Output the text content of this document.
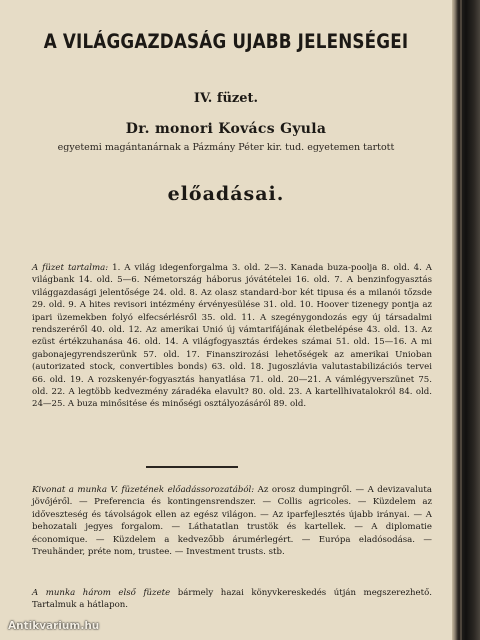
A VILÁGGAZDASÁG UJABB JELENSÉGEI
IV. füzet.
Dr. monori Kovács Gyula
egyetemi magántanárnak a Pázmány Péter kir. tud. egyetemen tartott
előadásai.
A füzet tartalma: 1. A világ idegenforgalma 3. old. 2—3. Kanada buza-poolja 8. old. 4. A világbank 14. old. 5—6. Németország háborus jóvátételei 16. old. 7. A benzinfogyasztás világgazdasági jelentősége 24. old. 8. Az olasz standard-bor két tipusa és a milanói tőzsde 29. old. 9. A hites revisori intézmény érvényesülése 31. old. 10. Hoover tizenegy pontja az ipari üzemekben folyó elfecsérlésről 35. old. 11. A szegénygondozás egy új társadalmi rendszeréről 40. old. 12. Az amerikai Unió új vámtarifájának életbelépése 43. old. 13. Az ezüst értékzuhanása 46. old. 14. A világfogyasztás érdekes számai 51. old. 15—16. A mi gabonajegyrendszerünk 57. old. 17. Finanszirozási lehetőségek az amerikai Unioban (autorizated stock, convertibles bonds) 63. old. 18. Jugoszlávia valutastabilizációs tervei 66. old. 19. A rozskenyér-fogyasztás hanyatlása 71. old. 20—21. A vámlégyverszünet 75. old. 22. A legtöbb kedvezmény záradéka elavult? 80. old. 23. A kartellhivatalokról 84. old. 24—25. A buza minősitése és minőségi osztályozásáról 89. old.
Kivonat a munka V. füzetének előadássorozatából: Az orosz dumpingről. — A devizavaluta jövőjéről. — Preferencia és kontingensrendszer. — Collis agricoles. — Küzdelem az időveszteség és távolságok ellen az egész világon. — Az iparfejlesztés újabb irányai. — A behozatali jegyes forgalom. — Láthatatlan trustök és kartellek. — A diplomatie économique. — Küzdelem a kedvezőbb árumérlegért. — Európa eladósodása. — Treuhänder, préte nom, trustee. — Investment trusts. stb.
A munka három első füzete bármely hazai könyvkereskedés útján megszerezhető. Tartalmuk a hátlapon.
Antikvarium.hu
